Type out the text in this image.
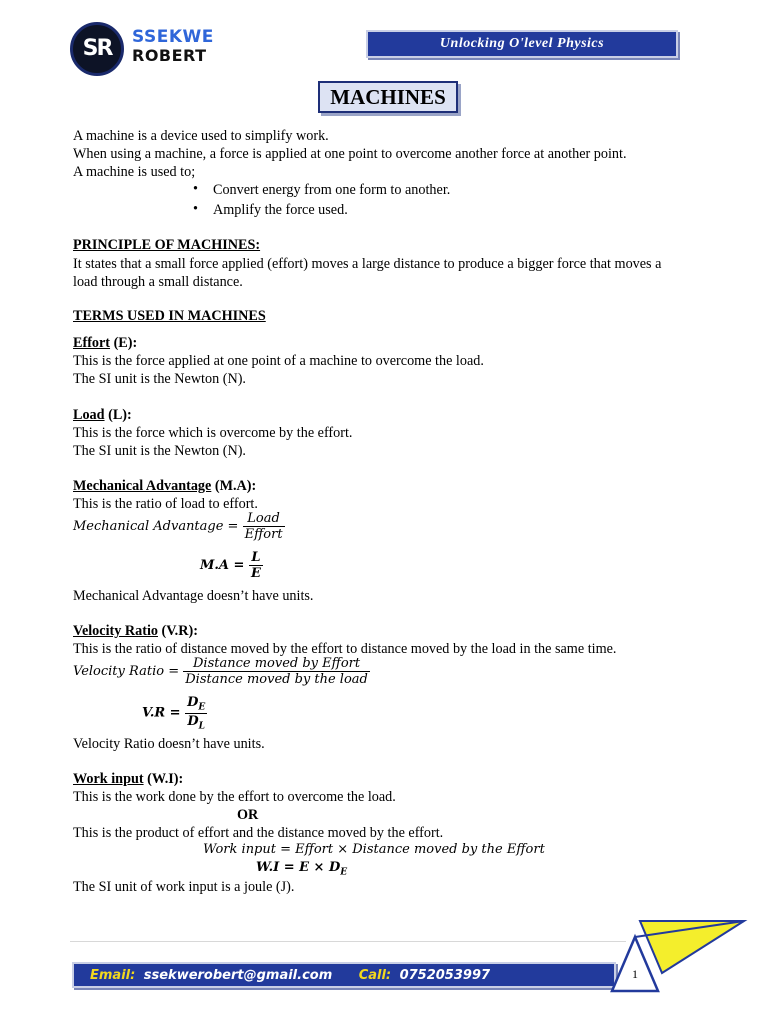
SR	SSEKWE
ROBERT
Unlocking O'level Physics
MACHINES
A machine is a device used to simplify work.
When using a machine, a force is applied at one point to overcome another force at another point.
A machine is used to;
• Convert energy from one form to another.
• Amplify the force used.
PRINCIPLE OF MACHINES:
It states that a small force applied (effort) moves a large distance to produce a bigger force that moves a
load through a small distance.
TERMS USED IN MACHINES
Effort (E):
This is the force applied at one point of a machine to overcome the load.
The SI unit is the Newton (N).
Load (L):
This is the force which is overcome by the effort.
The SI unit is the Newton (N).
Mechanical Advantage (M.A):
This is the ratio of load to effort.
Mechanical Advantage = $\frac{\text{Load}}{\text{Effort}}$
$M.A = \frac{L}{E}$
Mechanical Advantage doesn’t have units.
Velocity Ratio (V.R):
This is the ratio of distance moved by the effort to distance moved by the load in the same time.
Velocity Ratio = $\frac{\text{Distance moved by Effort}}{\text{Distance moved by the load}}$
$V.R = \frac{D_E}{D_L}$
Velocity Ratio doesn’t have units.
Work input (W.I):
This is the work done by the effort to overcome the load.
OR
This is the product of effort and the distance moved by the effort.
Work input = Effort × Distance moved by the Effort
$W.I = E \times D_E$
The SI unit of work input is a joule (J).
Email: ssekwerobert@gmail.com Call: 0752053997	1
